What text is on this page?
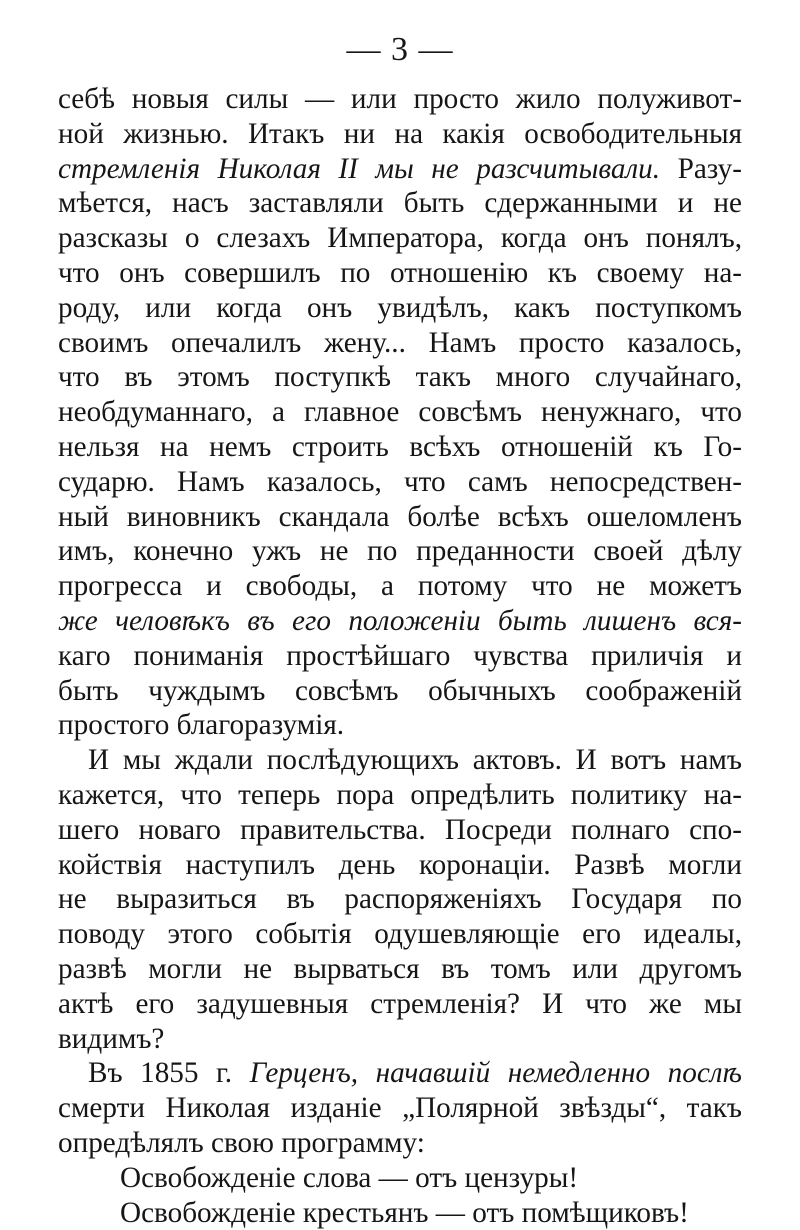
— 3 —
себѣ новыя силы — или просто жило полуживот-
ной жизнью. Итакъ ни на какія освободительныя
стремленія Николая II мы не разсчитывали. Разу-
мѣется, насъ заставляли быть сдержанными и не
разсказы о слезахъ Императора, когда онъ понялъ,
что онъ совершилъ по отношенію къ своему на-
роду, или когда онъ увидѣлъ, какъ поступкомъ
своимъ опечалилъ жену... Намъ просто казалось,
что въ этомъ поступкѣ такъ много случайнаго,
необдуманнаго, а главное совсѣмъ ненужнаго, что
нельзя на немъ строить всѣхъ отношеній къ Го-
сударю. Намъ казалось, что самъ непосредствен-
ный виновникъ скандала болѣе всѣхъ ошеломленъ
имъ, конечно ужъ не по преданности своей дѣлу
прогресса и свободы, а потому что не можетъ
же человѣкъ въ его положеніи быть лишенъ вся-
каго пониманія простѣйшаго чувства приличія и
быть чуждымъ совсѣмъ обычныхъ соображеній
простого благоразумія.
И мы ждали послѣдующихъ актовъ. И вотъ намъ
кажется, что теперь пора опредѣлить политику на-
шего новаго правительства. Посреди полнаго спо-
койствія наступилъ день коронаціи. Развѣ могли
не выразиться въ распоряженіяхъ Государя по
поводу этого событія одушевляющіе его идеалы,
развѣ могли не вырваться въ томъ или другомъ
актѣ его задушевныя стремленія? И что же мы
видимъ?
Въ 1855 г. Герценъ, начавшій немедленно послѣ
смерти Николая изданіе „Полярной звѣзды“, такъ
опредѣлялъ свою программу:
Освобожденіе слова — отъ цензуры!
Освобожденіе крестьянъ — отъ помѣщиковъ!
